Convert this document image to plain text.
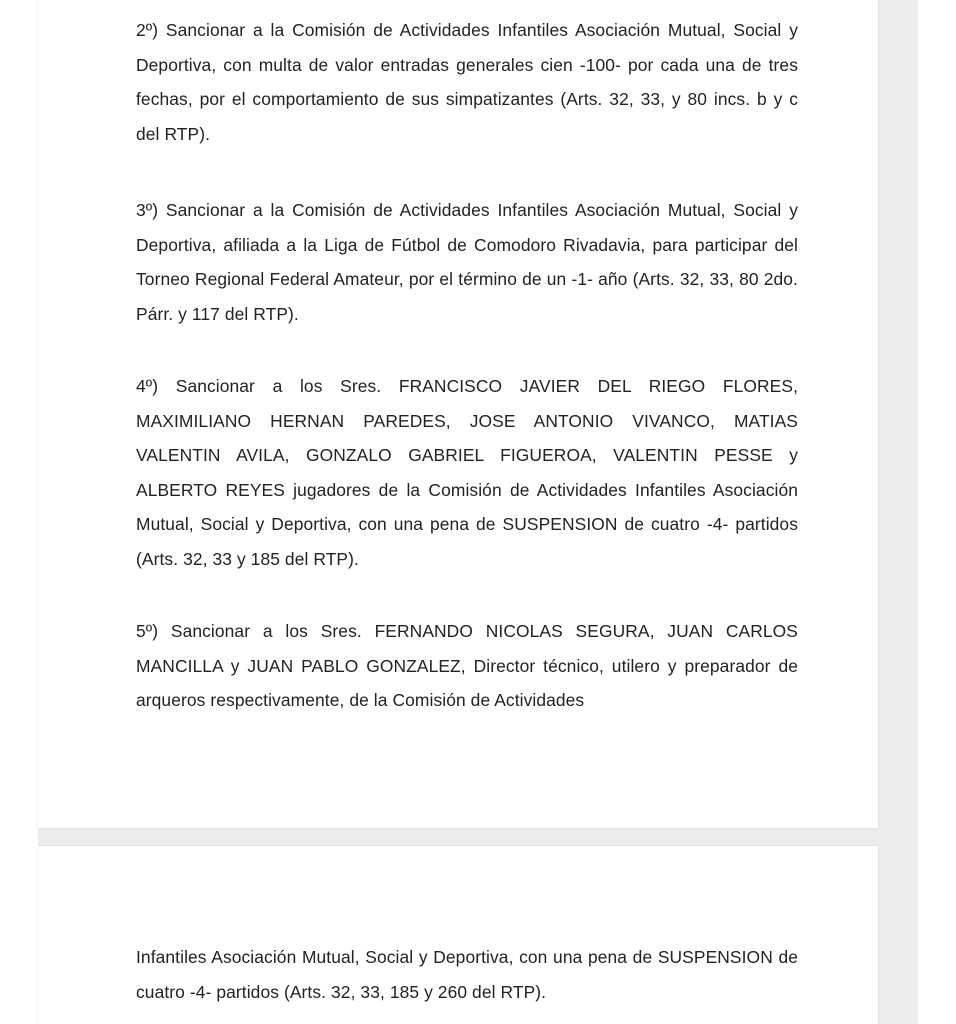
2º) Sancionar a la Comisión de Actividades Infantiles Asociación Mutual, Social y Deportiva, con multa de valor entradas generales cien -100- por cada una de tres fechas, por el comportamiento de sus simpatizantes (Arts. 32, 33, y 80 incs. b y c del RTP).

3º) Sancionar a la Comisión de Actividades Infantiles Asociación Mutual, Social y Deportiva, afiliada a la Liga de Fútbol de Comodoro Rivadavia, para participar del Torneo Regional Federal Amateur, por el término de un -1- año (Arts. 32, 33, 80 2do. Párr. y 117 del RTP).

4º) Sancionar a los Sres. FRANCISCO JAVIER DEL RIEGO FLORES, MAXIMILIANO HERNAN PAREDES, JOSE ANTONIO VIVANCO, MATIAS VALENTIN AVILA, GONZALO GABRIEL FIGUEROA, VALENTIN PESSE y ALBERTO REYES jugadores de la Comisión de Actividades Infantiles Asociación Mutual, Social y Deportiva, con una pena de SUSPENSION de cuatro -4- partidos (Arts. 32, 33 y 185 del RTP).

5º) Sancionar a los Sres. FERNANDO NICOLAS SEGURA, JUAN CARLOS MANCILLA y JUAN PABLO GONZALEZ, Director técnico, utilero y preparador de arqueros respectivamente, de la Comisión de Actividades

Infantiles Asociación Mutual, Social y Deportiva, con una pena de SUSPENSION de cuatro -4- partidos (Arts. 32, 33, 185 y 260 del RTP).
